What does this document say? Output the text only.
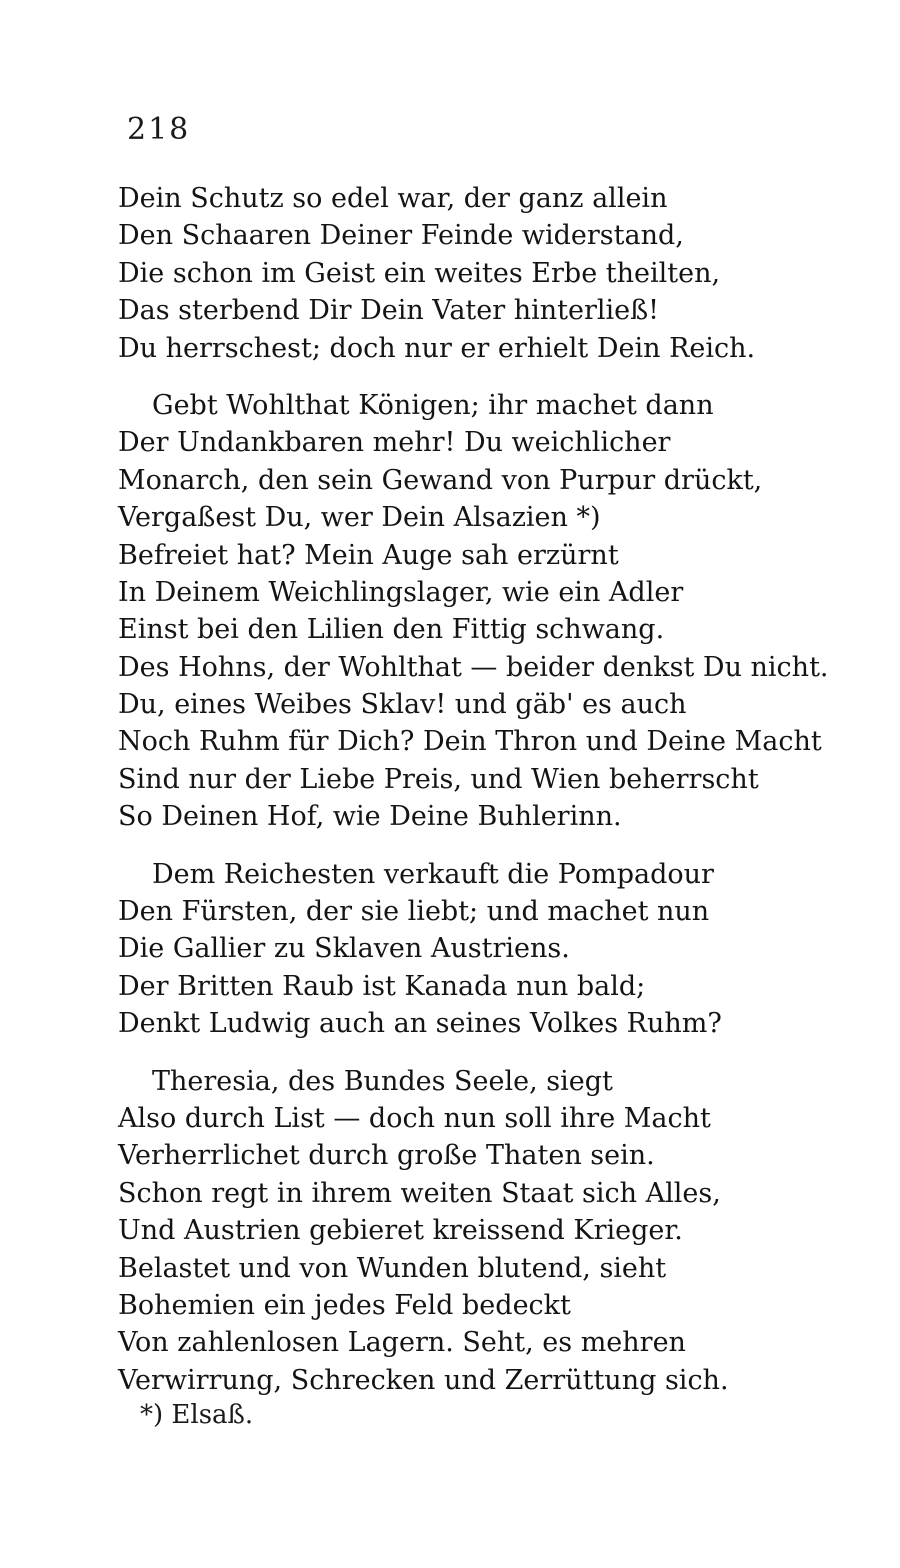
218
Dein Schutz so edel war, der ganz allein
Den Schaaren Deiner Feinde widerstand,
Die schon im Geist ein weites Erbe theilten,
Das sterbend Dir Dein Vater hinterließ!
Du herrschest; doch nur er erhielt Dein Reich.
Gebt Wohlthat Königen; ihr machet dann
Der Undankbaren mehr! Du weichlicher
Monarch, den sein Gewand von Purpur drückt,
Vergaßest Du, wer Dein Alsazien *)
Befreiet hat? Mein Auge sah erzürnt
In Deinem Weichlingslager, wie ein Adler
Einst bei den Lilien den Fittig schwang.
Des Hohns, der Wohlthat — beider denkst Du nicht.
Du, eines Weibes Sklav! und gäb' es auch
Noch Ruhm für Dich? Dein Thron und Deine Macht
Sind nur der Liebe Preis, und Wien beherrscht
So Deinen Hof, wie Deine Buhlerinn.
Dem Reichesten verkauft die Pompadour
Den Fürsten, der sie liebt; und machet nun
Die Gallier zu Sklaven Austriens.
Der Britten Raub ist Kanada nun bald;
Denkt Ludwig auch an seines Volkes Ruhm?
Theresia, des Bundes Seele, siegt
Also durch List — doch nun soll ihre Macht
Verherrlichet durch große Thaten sein.
Schon regt in ihrem weiten Staat sich Alles,
Und Austrien gebieret kreissend Krieger.
Belastet und von Wunden blutend, sieht
Bohemien ein jedes Feld bedeckt
Von zahlenlosen Lagern. Seht, es mehren
Verwirrung, Schrecken und Zerrüttung sich.
*) Elsaß.
